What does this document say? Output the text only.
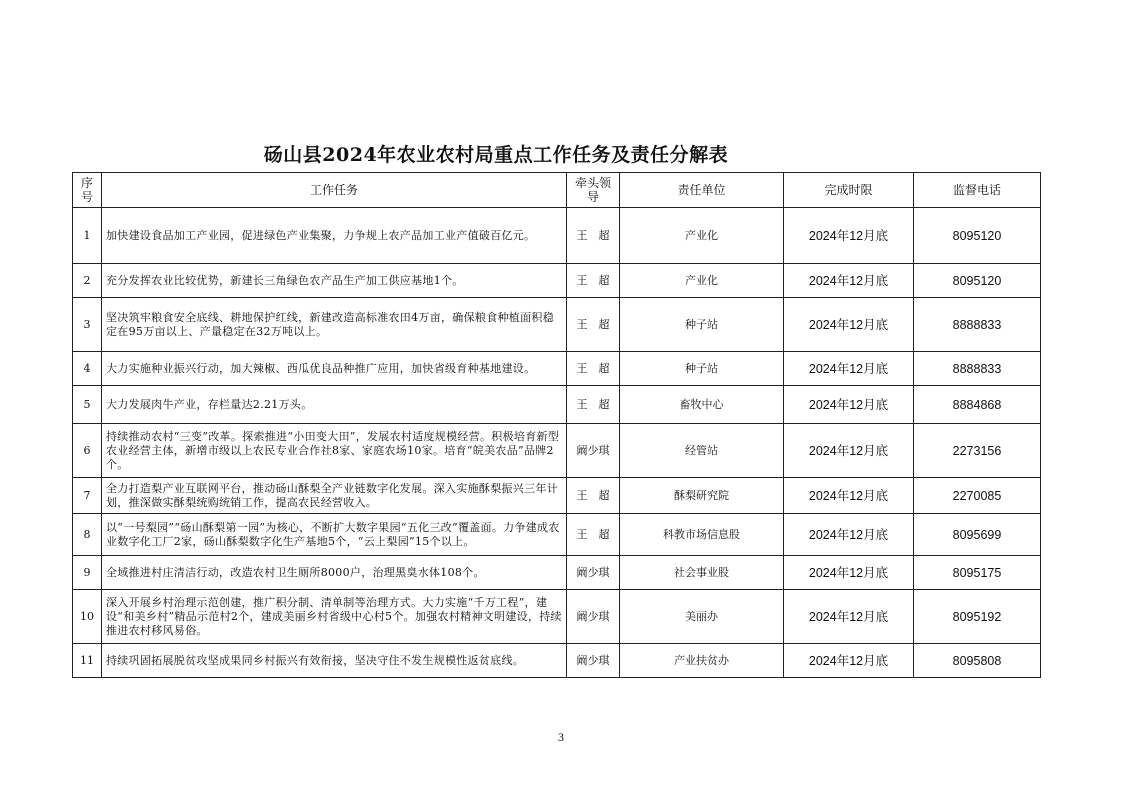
砀山县2024年农业农村局重点工作任务及责任分解表
序号	工作任务	牵头领导	责任单位	完成时限	监督电话
1	加快建设食品加工产业园，促进绿色产业集聚，力争规上农产品加工业产值破百亿元。	王　超	产业化	2024年12月底	8095120
2	充分发挥农业比较优势，新建长三角绿色农产品生产加工供应基地1个。	王　超	产业化	2024年12月底	8095120
3	坚决筑牢粮食安全底线、耕地保护红线，新建改造高标准农田4万亩，确保粮食种植面积稳定在95万亩以上、产量稳定在32万吨以上。	王　超	种子站	2024年12月底	8888833
4	大力实施种业振兴行动，加大辣椒、西瓜优良品种推广应用，加快省级育种基地建设。	王　超	种子站	2024年12月底	8888833
5	大力发展肉牛产业，存栏量达2.21万头。	王　超	畜牧中心	2024年12月底	8884868
6	持续推动农村“三变”改革。探索推进“小田变大田”，发展农村适度规模经营。积极培育新型农业经营主体，新增市级以上农民专业合作社8家、家庭农场10家。培育“皖美农品”品牌2个。	阚少琪	经管站	2024年12月底	2273156
7	全力打造梨产业互联网平台，推动砀山酥梨全产业链数字化发展。深入实施酥梨振兴三年计划，推深做实酥梨统购统销工作，提高农民经营收入。	王　超	酥梨研究院	2024年12月底	2270085
8	以“一号梨园”“砀山酥梨第一园”为核心，不断扩大数字果园“五化三改”覆盖面。力争建成农业数字化工厂2家，砀山酥梨数字化生产基地5个，“云上梨园”15个以上。	王　超	科教市场信息股	2024年12月底	8095699
9	全域推进村庄清洁行动，改造农村卫生厕所8000户，治理黑臭水体108个。	阚少琪	社会事业股	2024年12月底	8095175
10	深入开展乡村治理示范创建，推广积分制、清单制等治理方式。大力实施“千万工程”，建设“和美乡村”精品示范村2个，建成美丽乡村省级中心村5个。加强农村精神文明建设，持续推进农村移风易俗。	阚少琪	美丽办	2024年12月底	8095192
11	持续巩固拓展脱贫攻坚成果同乡村振兴有效衔接，坚决守住不发生规模性返贫底线。	阚少琪	产业扶贫办	2024年12月底	8095808
3
